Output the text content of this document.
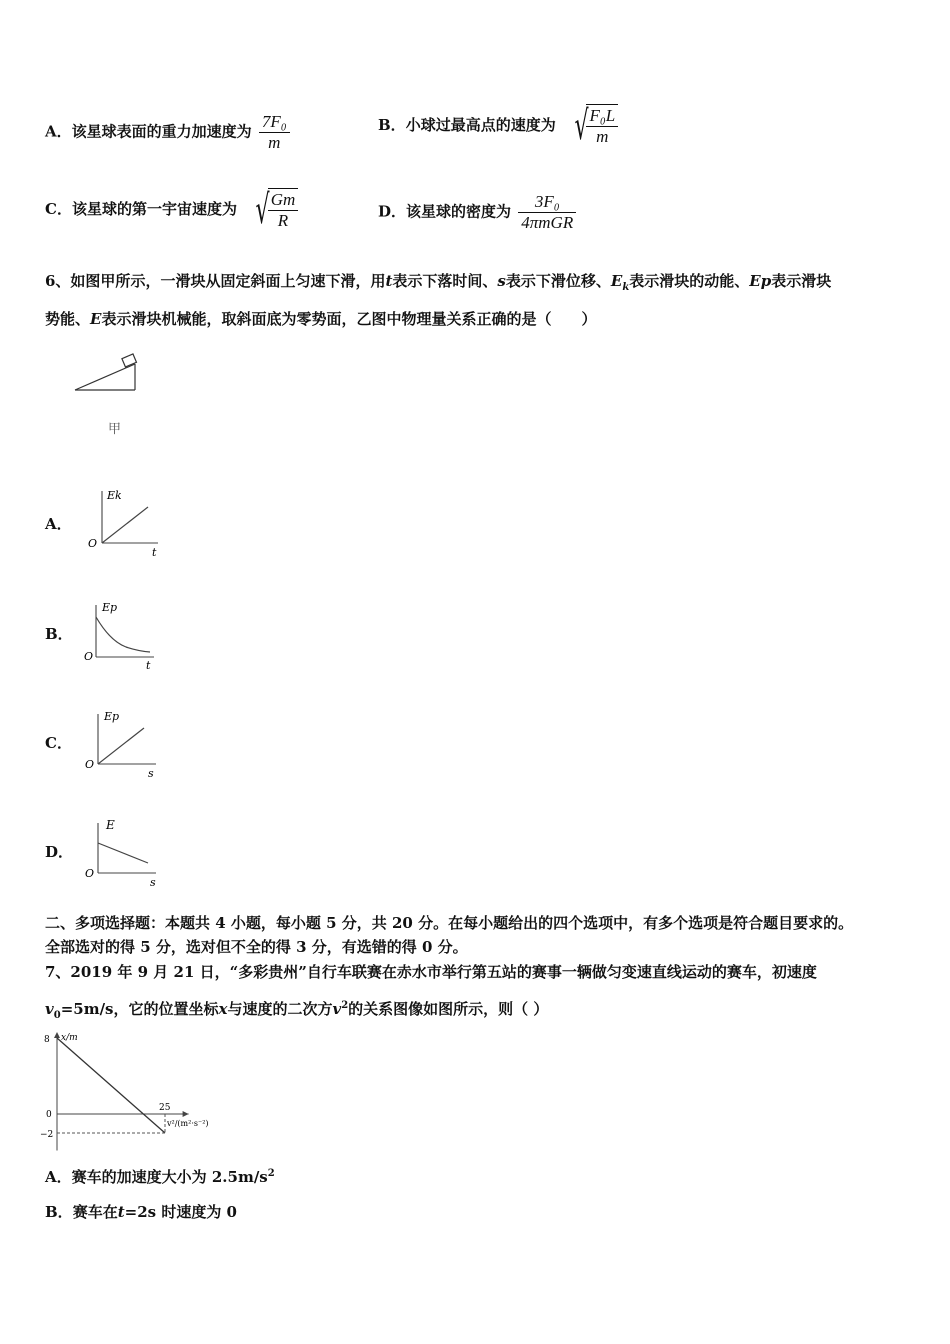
A．该星球表面的重力加速度为 $\frac{\text{7F₀}}{m}$	B．小球过最高点的速度为 √
$\frac{\text{F₀L}}{m}$
C．该星球的第一宇宙速度为 √
$\frac{Gm}{R}$	D．该星球的密度为 $\frac{\text{3F₀}}{\text{4πmGR}}$
6、如图甲所示，一滑块从固定斜面上匀速下滑，用t表示下落时间、s表示下滑位移、$E_k$表示滑块的动能、Ep表示滑块
势能、E表示滑块机械能，取斜面底为零势面，乙图中物理量关系正确的是（　　）
甲
A．
Ek
O
t
B．
Ep
O
t
C．
Ep
O
s
D．
E
O
s
二、多项选择题：本题共 4 小题，每小题 5 分，共 20 分。在每小题给出的四个选项中，有多个选项是符合题目要求的。
全部选对的得 5 分，选对但不全的得 3 分，有选错的得 0 分。
7、2019 年 9 月 21 日，“多彩贵州”自行车联赛在赤水市举行第五站的赛事一辆做匀变速直线运动的赛车，初速度
$v_0=5m/s$，它的位置坐标x与速度的二次方$v^2$的关系图像如图所示，则（ ）
x/m
8
0
−2
25
v²/(m²·s⁻²)
A．赛车的加速度大小为 $2.5m/s^2$
B．赛车在t=2s 时速度为 0
